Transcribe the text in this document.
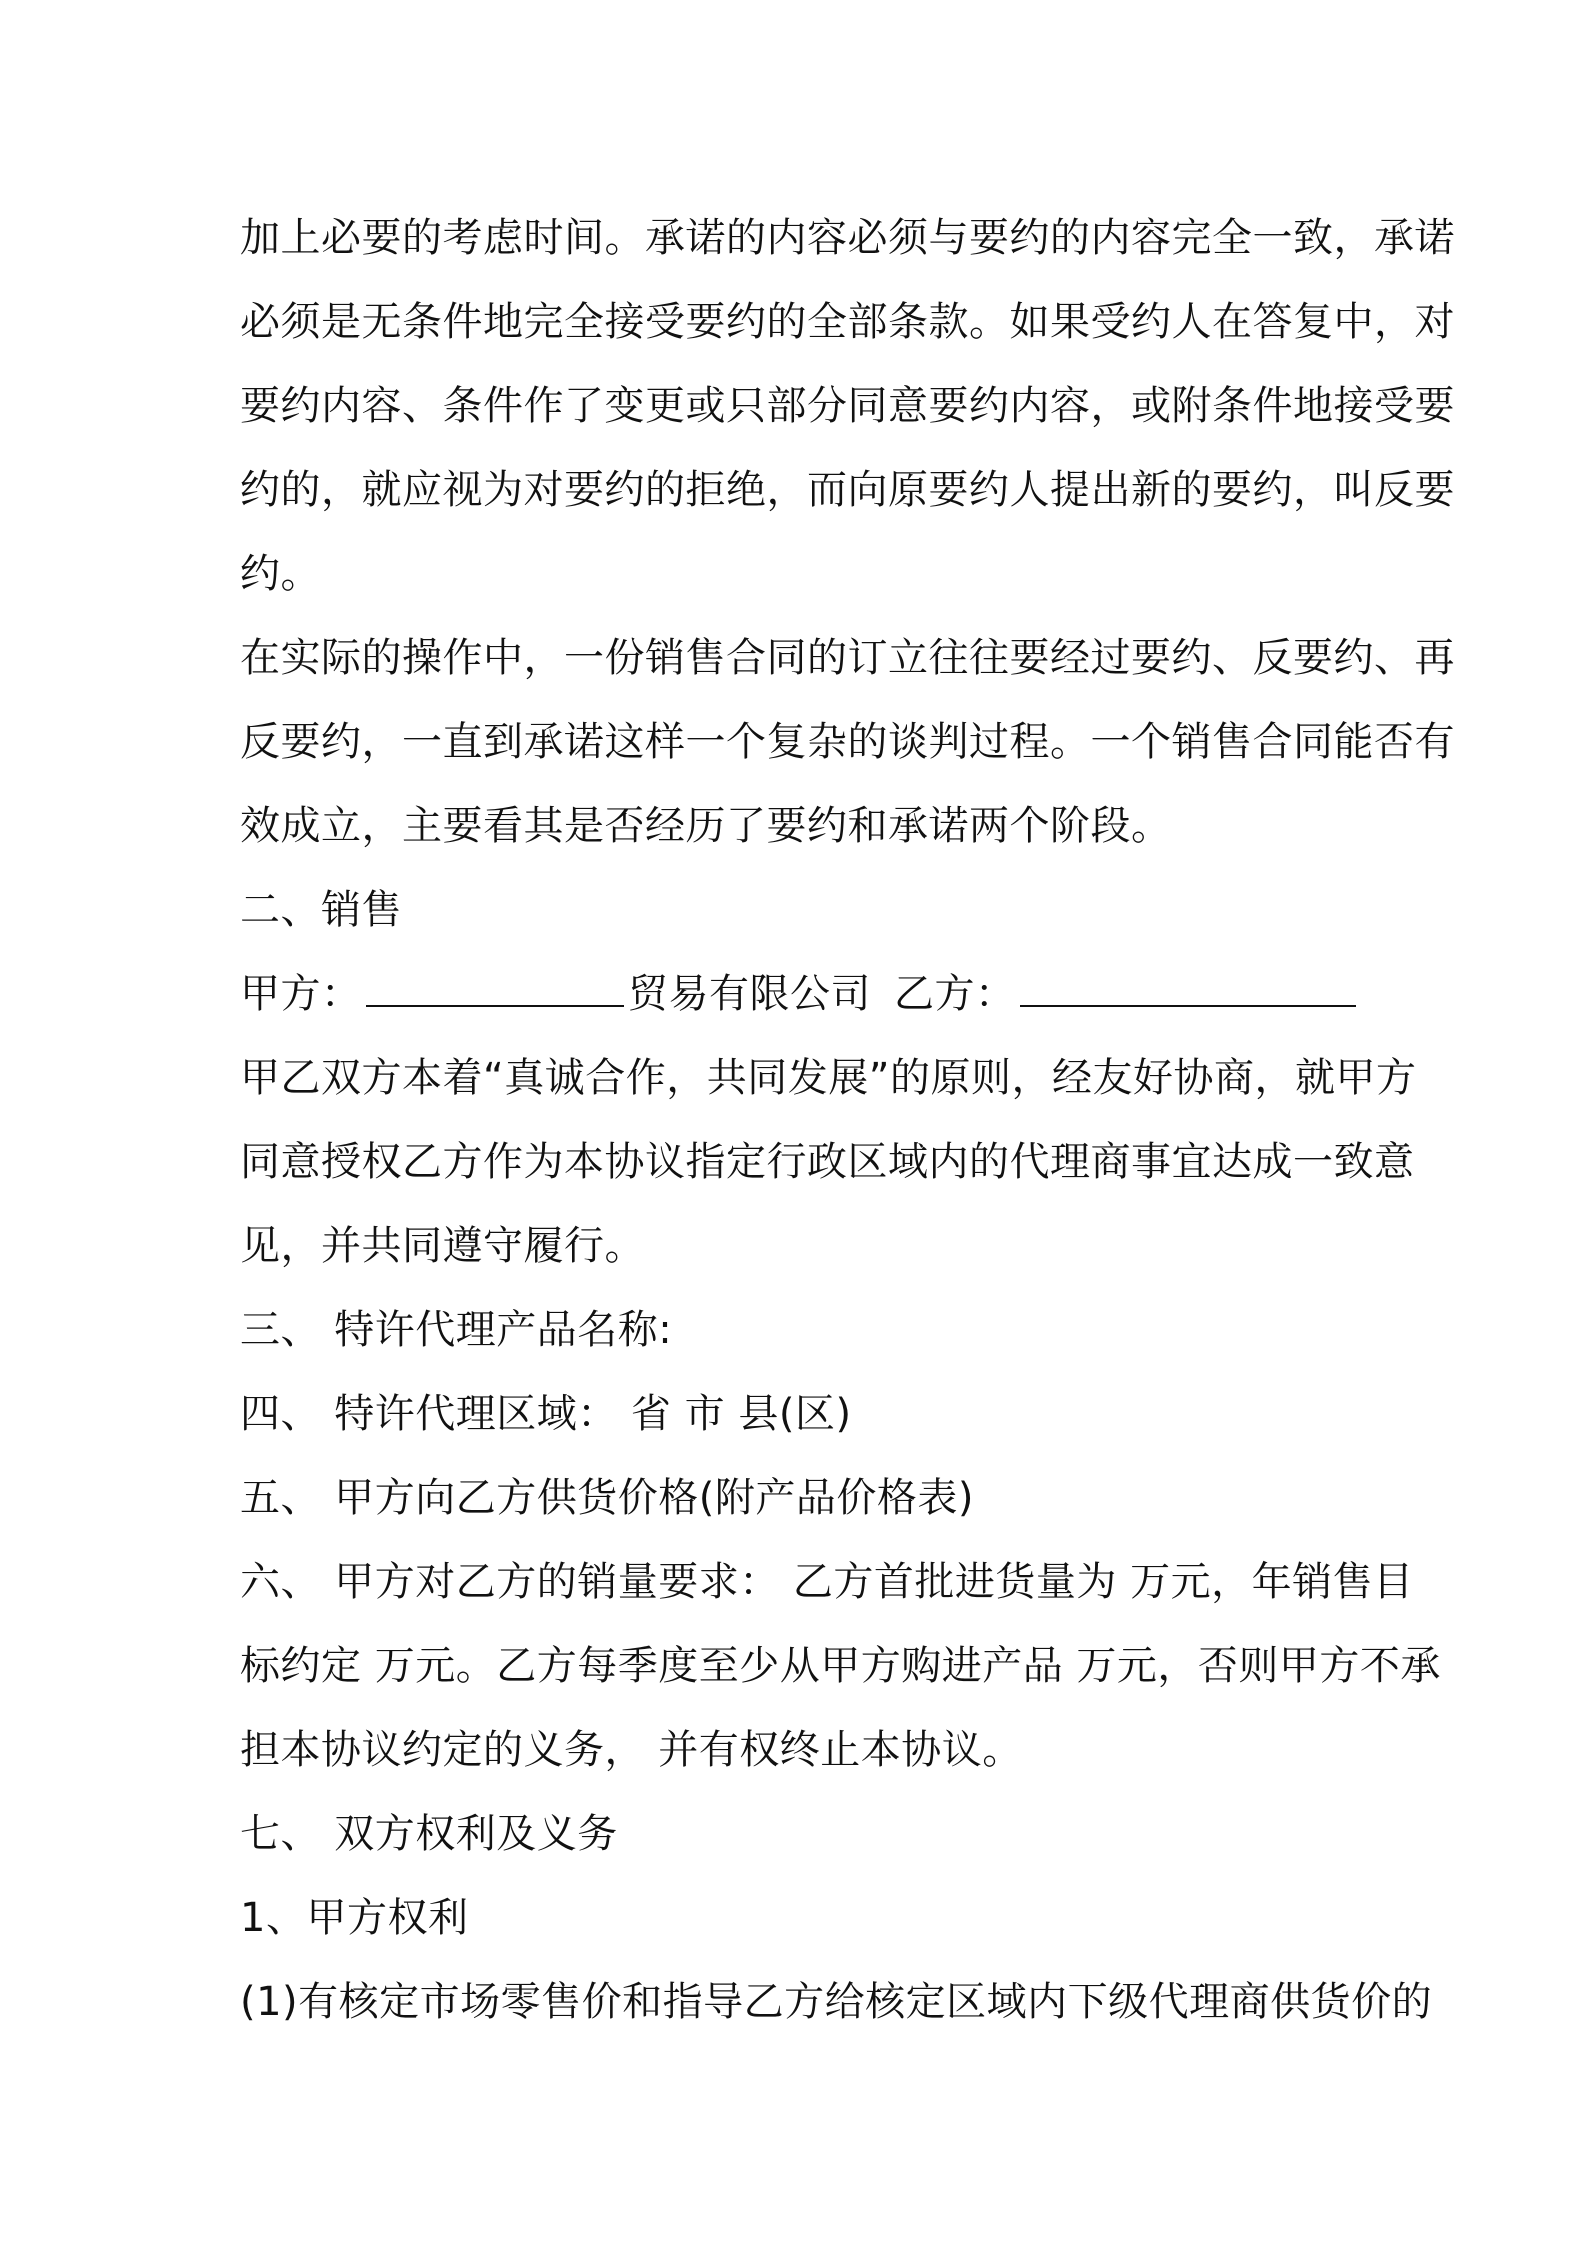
加上必要的考虑时间。承诺的内容必须与要约的内容完全一致，承诺
必须是无条件地完全接受要约的全部条款。如果受约人在答复中，对
要约内容、条件作了变更或只部分同意要约内容，或附条件地接受要
约的，就应视为对要约的拒绝，而向原要约人提出新的要约，叫反要
约。
在实际的操作中，一份销售合同的订立往往要经过要约、反要约、再
反要约，一直到承诺这样一个复杂的谈判过程。一个销售合同能否有
效成立，主要看其是否经历了要约和承诺两个阶段。
二、销售
甲方：	贸易有限公司 乙方：
甲乙双方本着“真诚合作，共同发展”的原则，经友好协商，就甲方
同意授权乙方作为本协议指定行政区域内的代理商事宜达成一致意
见，并共同遵守履行。
三、 特许代理产品名称:
四、 特许代理区域： 省 市 县(区)
五、 甲方向乙方供货价格(附产品价格表)
六、 甲方对乙方的销量要求： 乙方首批进货量为 万元，年销售目
标约定 万元。乙方每季度至少从甲方购进产品 万元，否则甲方不承
担本协议约定的义务， 并有权终止本协议。
七、 双方权利及义务
1、甲方权利
(1)有核定市场零售价和指导乙方给核定区域内下级代理商供货价的
